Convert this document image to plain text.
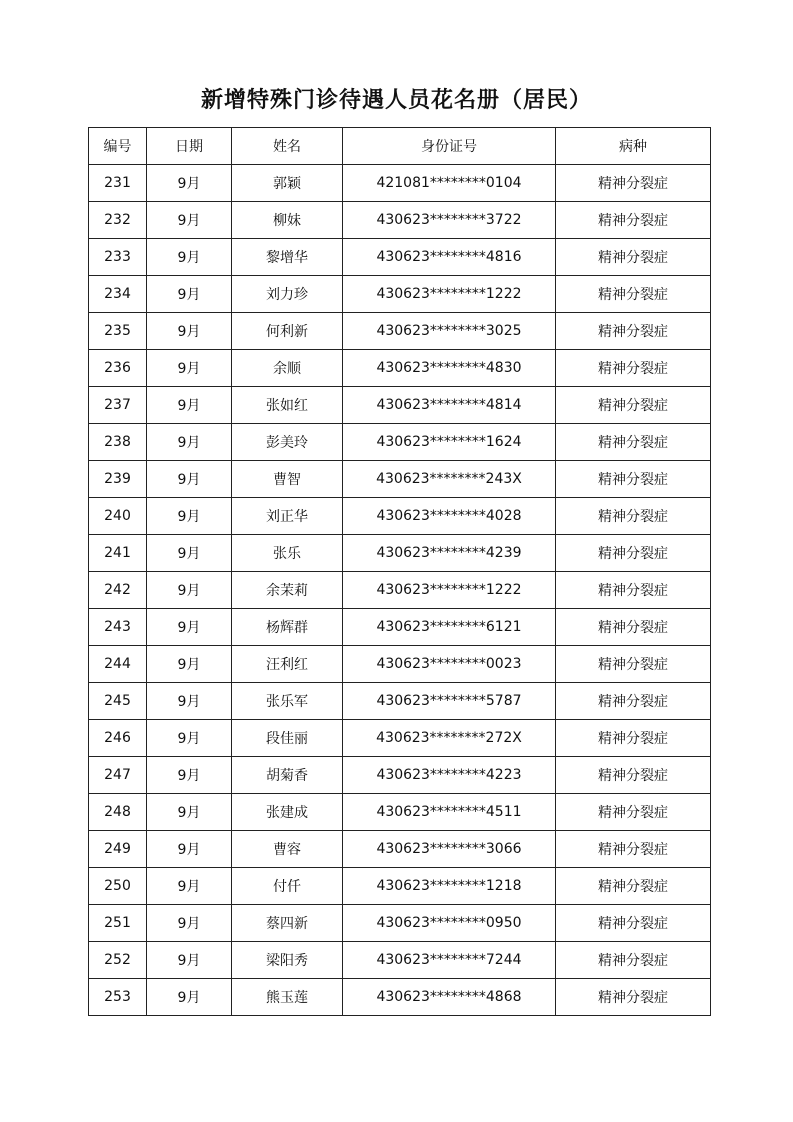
新增特殊门诊待遇人员花名册（居民）
编号	日期	姓名	身份证号	病种
231	9月	郭颖	421081********0104	精神分裂症
232	9月	柳妹	430623********3722	精神分裂症
233	9月	黎增华	430623********4816	精神分裂症
234	9月	刘力珍	430623********1222	精神分裂症
235	9月	何利新	430623********3025	精神分裂症
236	9月	余顺	430623********4830	精神分裂症
237	9月	张如红	430623********4814	精神分裂症
238	9月	彭美玲	430623********1624	精神分裂症
239	9月	曹智	430623********243X	精神分裂症
240	9月	刘正华	430623********4028	精神分裂症
241	9月	张乐	430623********4239	精神分裂症
242	9月	余茉莉	430623********1222	精神分裂症
243	9月	杨辉群	430623********6121	精神分裂症
244	9月	汪利红	430623********0023	精神分裂症
245	9月	张乐军	430623********5787	精神分裂症
246	9月	段佳丽	430623********272X	精神分裂症
247	9月	胡菊香	430623********4223	精神分裂症
248	9月	张建成	430623********4511	精神分裂症
249	9月	曹容	430623********3066	精神分裂症
250	9月	付仟	430623********1218	精神分裂症
251	9月	蔡四新	430623********0950	精神分裂症
252	9月	梁阳秀	430623********7244	精神分裂症
253	9月	熊玉莲	430623********4868	精神分裂症
